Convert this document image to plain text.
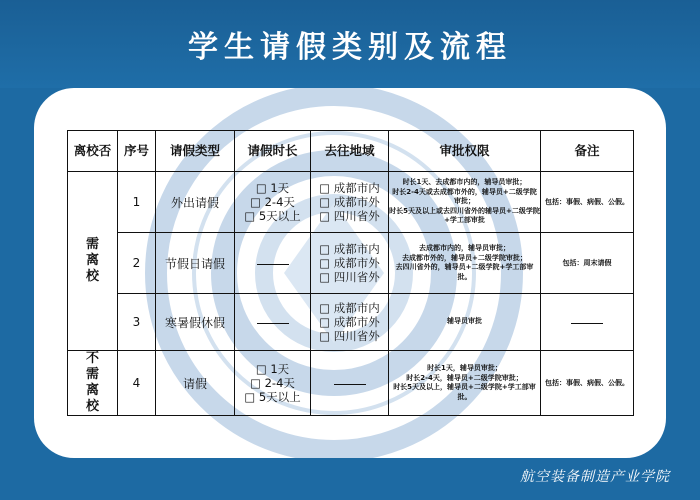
学生请假类别及流程
离校否	序号	请假类型	请假时长	去往地域	审批权限	备注
需离校	1	外出请假	□ 1天
□ 2-4天
□ 5天以上	□ 成都市内
□ 成都市外
□ 四川省外	时长1天、去成都市内的，辅导员审批；
时长2-4天或去成都市外的，辅导员+二级学院审批；
时长5天及以上或去四川省外的辅导员+二级学院+学工部审批	包括：事假、病假、公假。
	2	节假日请假		□ 成都市内
□ 成都市外
□ 四川省外	去成都市内的，辅导员审批；
去成都市外的，辅导员+二级学院审批；
去四川省外的，辅导员+二级学院+学工部审批。	包括：周末请假
	3	寒暑假休假		□ 成都市内
□ 成都市外
□ 四川省外	辅导员审批	
不需离校	4	请假	□ 1天
□ 2-4天
□ 5天以上		时长1天，辅导员审批；
时长2-4天，辅导员+二级学院审批；
时长5天及以上，辅导员+二级学院+学工部审批。	包括：事假、病假、公假。
航空装备制造产业学院
